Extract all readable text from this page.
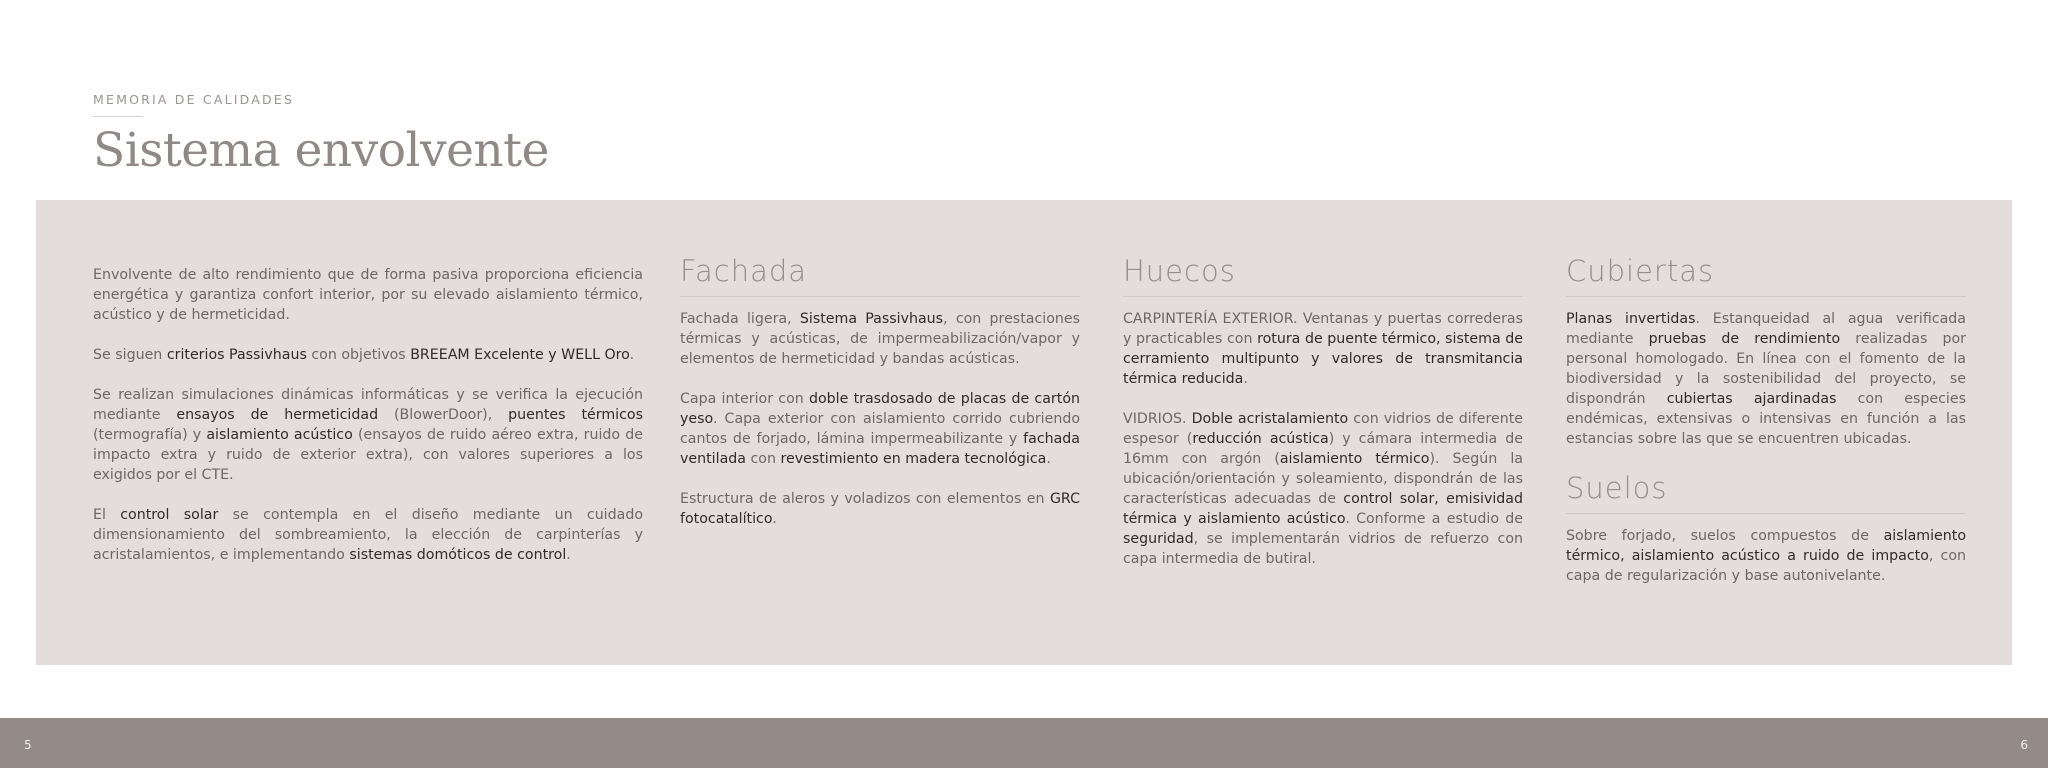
MEMORIA DE CALIDADES
Sistema envolvente

Envolvente de alto rendimiento que de forma pasiva proporciona eficiencia energética y garantiza confort interior, por su elevado aislamiento térmico, acústico y de hermeticidad.

Se siguen criterios Passivhaus con objetivos BREEAM Excelente y WELL Oro.

Se realizan simulaciones dinámicas informáticas y se verifica la ejecución mediante ensayos de hermeticidad (BlowerDoor), puentes térmicos (termografía) y aislamiento acústico (ensayos de ruido aéreo extra, ruido de impacto extra y ruido de exterior extra), con valores superiores a los exigidos por el CTE.

El control solar se contempla en el diseño mediante un cuidado dimensionamiento del sombreamiento, la elección de carpinterías y acristalamientos, e implementando sistemas domóticos de control.

Fachada

Fachada ligera, Sistema Passivhaus, con prestaciones térmicas y acústicas, de impermeabilización/vapor y elementos de hermeticidad y bandas acústicas.

Capa interior con doble trasdosado de placas de cartón yeso. Capa exterior con aislamiento corrido cubriendo cantos de forjado, lámina impermeabilizante y fachada ventilada con revestimiento en madera tecnológica.

Estructura de aleros y voladizos con elementos en GRC fotocatalítico.

Huecos

CARPINTERÍA EXTERIOR. Ventanas y puertas correderas y practicables con rotura de puente térmico, sistema de cerramiento multipunto y valores de transmitancia térmica reducida.

VIDRIOS. Doble acristalamiento con vidrios de diferente espesor (reducción acústica) y cámara intermedia de 16mm con argón (aislamiento térmico). Según la ubicación/orientación y soleamiento, dispondrán de las características adecuadas de control solar, emisividad térmica y aislamiento acústico. Conforme a estudio de seguridad, se implementarán vidrios de refuerzo con capa intermedia de butiral.

Cubiertas

Planas invertidas. Estanqueidad al agua verificada mediante pruebas de rendimiento realizadas por personal homologado. En línea con el fomento de la biodiversidad y la sostenibilidad del proyecto, se dispondrán cubiertas ajardinadas con especies endémicas, extensivas o intensivas en función a las estancias sobre las que se encuentren ubicadas.

Suelos

Sobre forjado, suelos compuestos de aislamiento térmico, aislamiento acústico a ruido de impacto, con capa de regularización y base autonivelante.

5	6
